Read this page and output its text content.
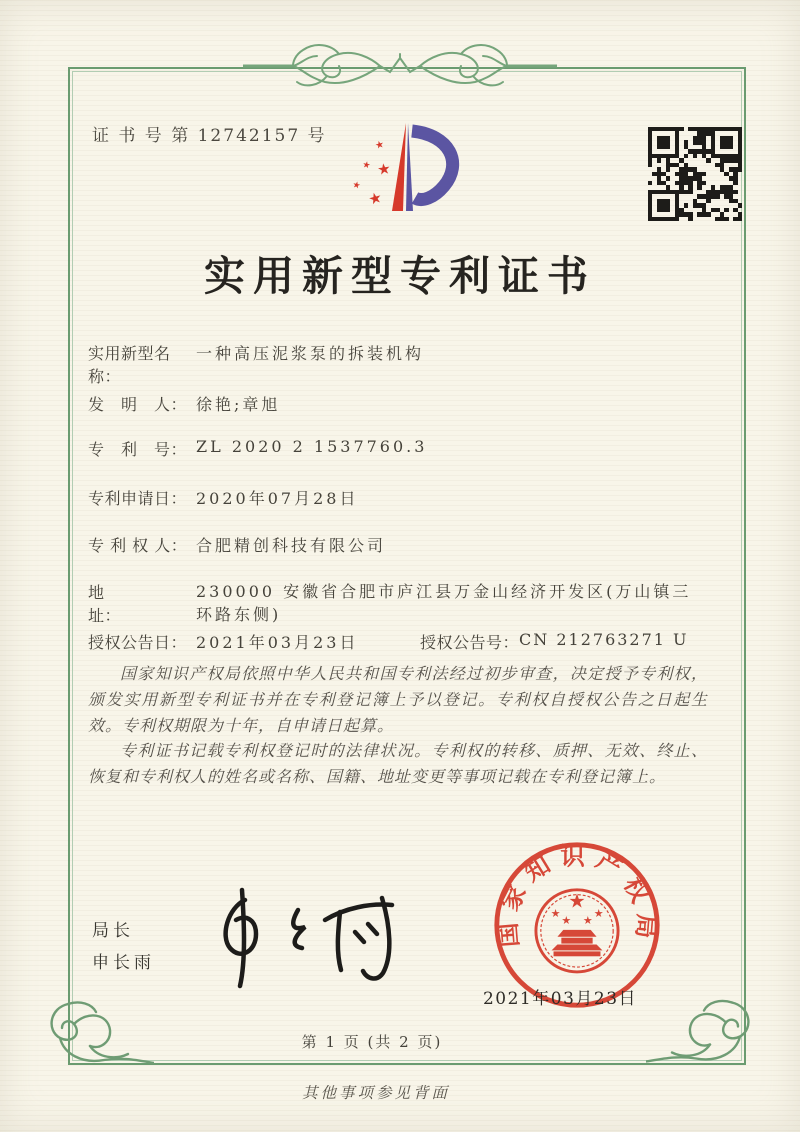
证 书 号 第 12742157 号	★
★ ★
★
★
实用新型专利证书
实用新型名称：
一种高压泥浆泵的拆装机构
发　明　人： 徐艳;章旭
专　利　号： ZL 2020 2 1537760.3
专利申请日： 2020年07月28日
专 利 权 人： 合肥精创科技有限公司
地　　　　址：
230000 安徽省合肥市庐江县万金山经济开发区(万山镇三环路东侧)
授权公告日： 2021年03月23日	授权公告号： CN 212763271 U

国家知识产权局依照中华人民共和国专利法经过初步审查，决定授予专利权，颁发实用新型专利证书并在专利登记簿上予以登记。专利权自授权公告之日起生效。专利权期限为十年，自申请日起算。

专利证书记载专利权登记时的法律状况。专利权的转移、质押、无效、终止、恢复和专利权人的姓名或名称、国籍、地址变更等事项记载在专利登记簿上。

局长
申长雨
国家知识产权局
★
★
★ ★
★
2021年03月23日
第 1 页 (共 2 页)
其他事项参见背面
